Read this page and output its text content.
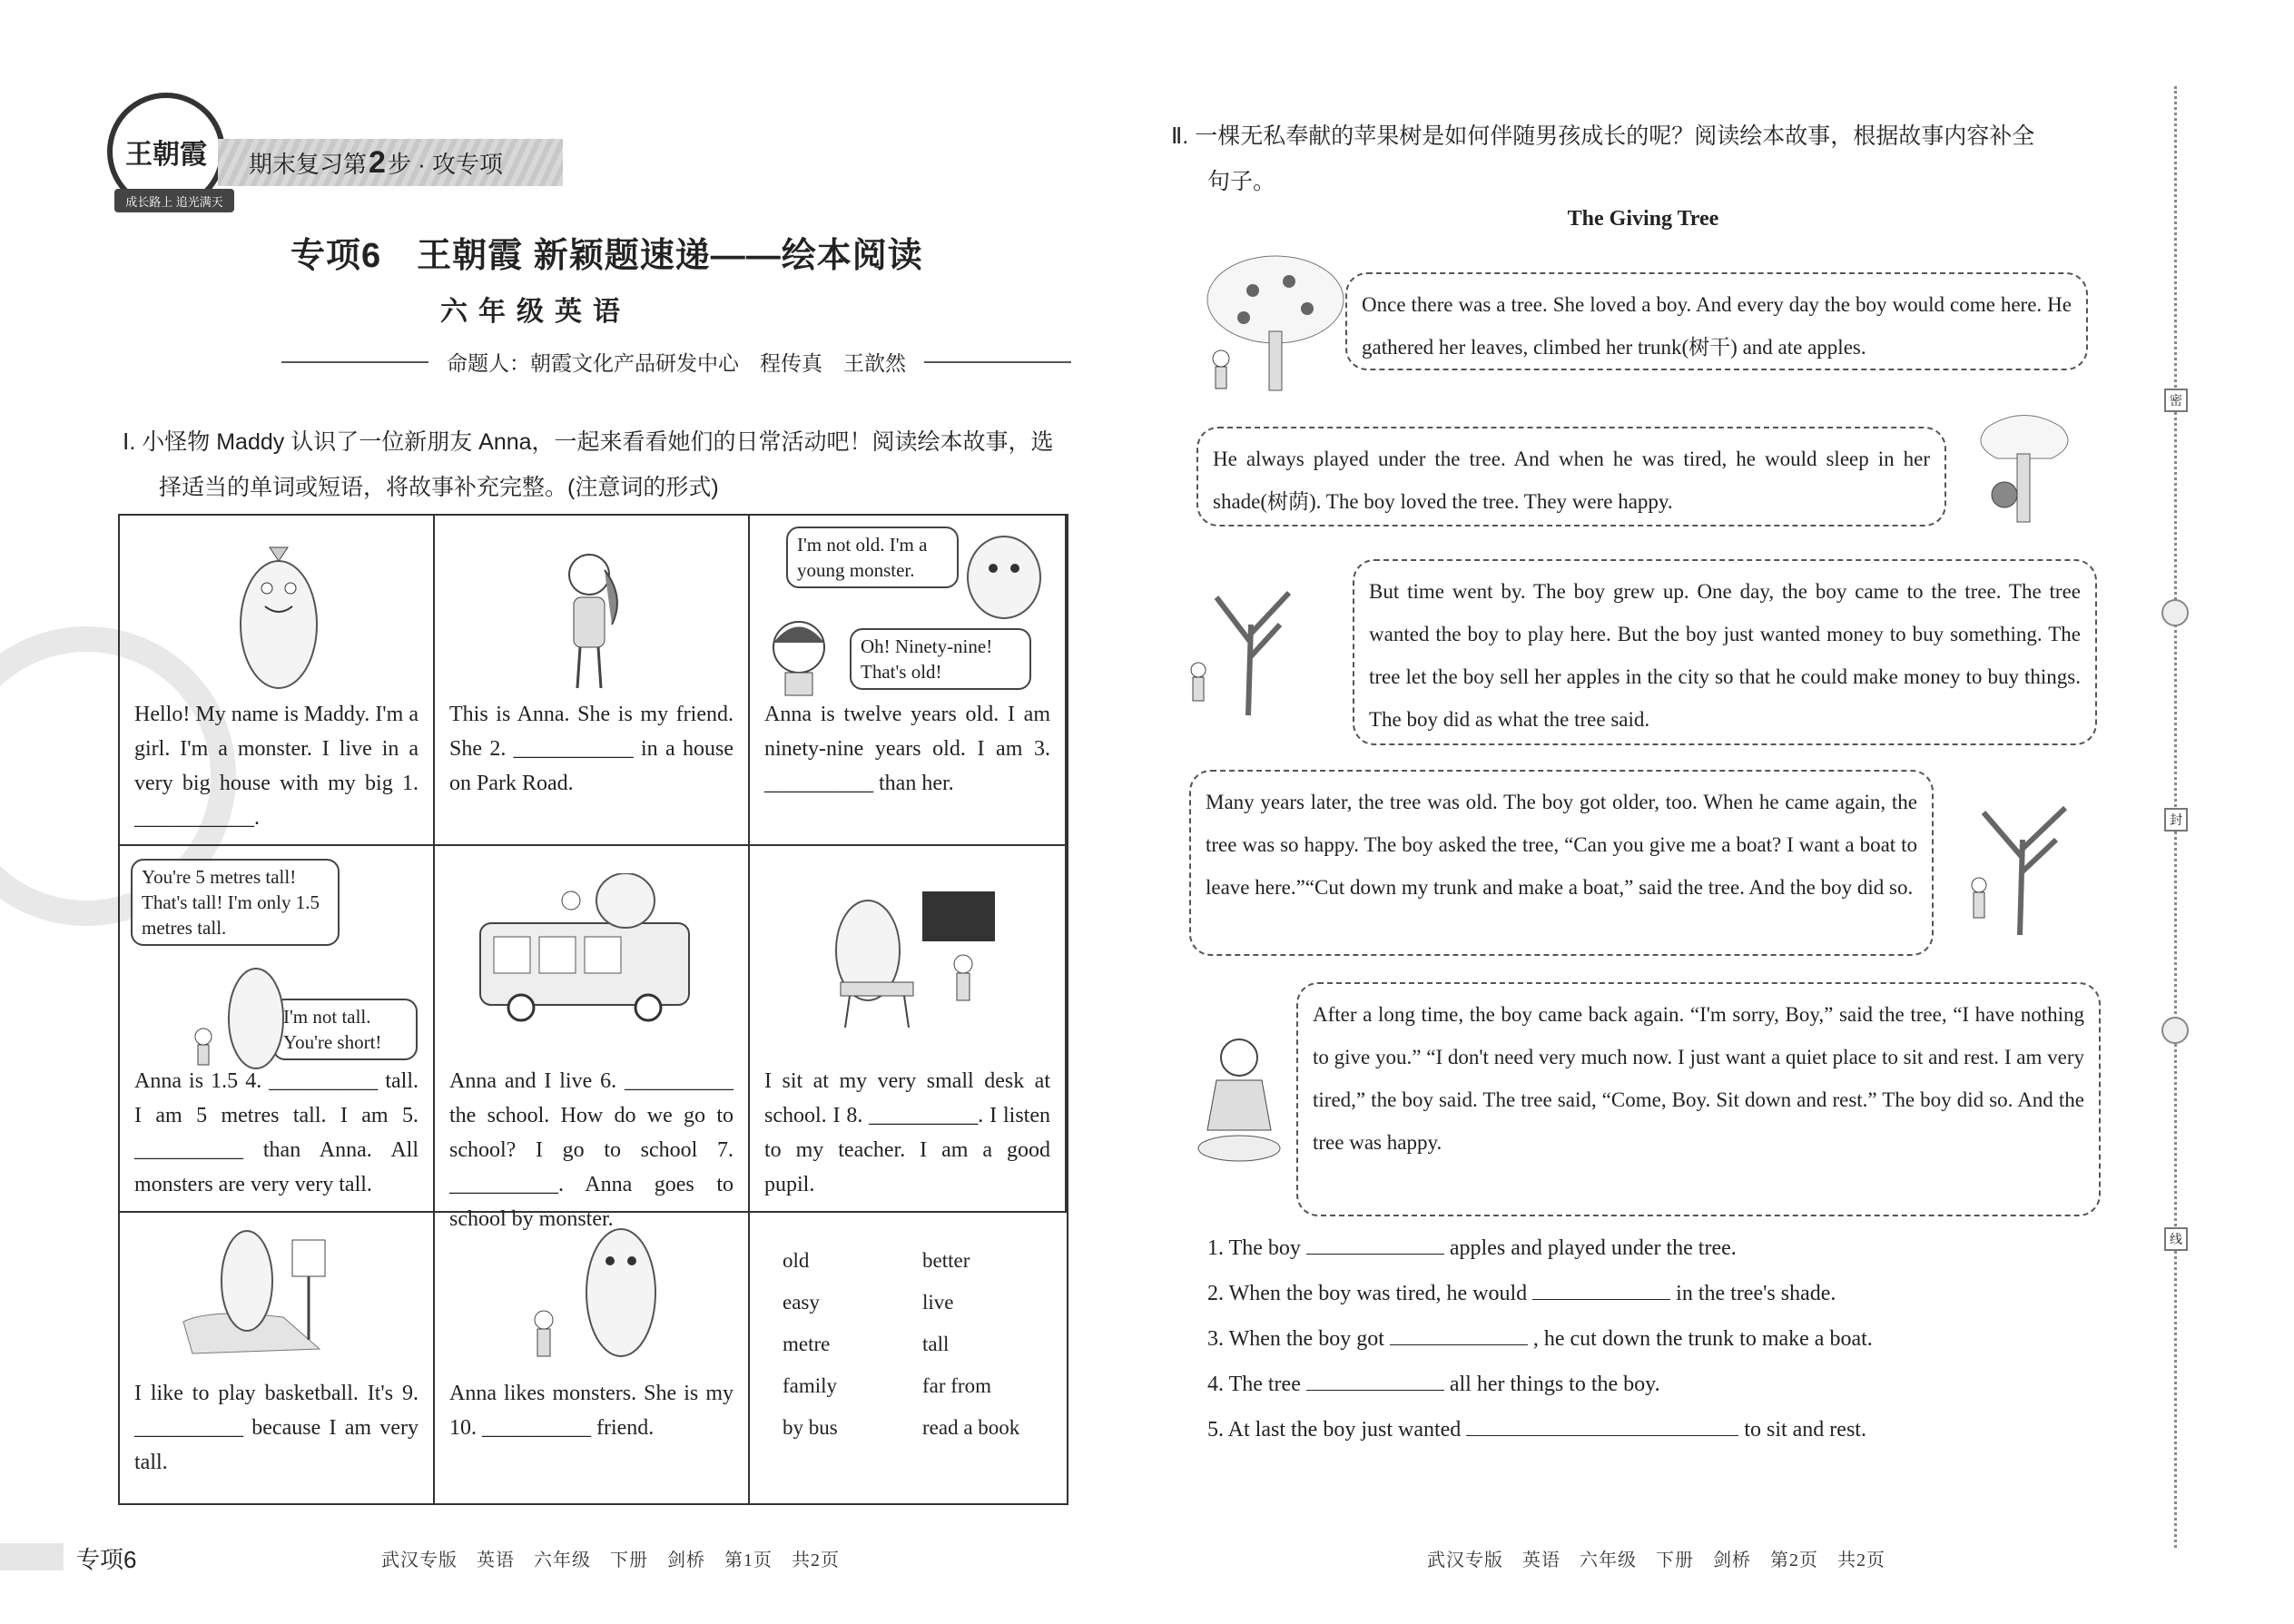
王朝霞
成长路上 追光满天
期末复习第 2 步 · 攻专项
专项6　王朝霞 新颖题速递——绘本阅读
六年级英语
命题人：朝霞文化产品研发中心　程传真　王歆然
Ⅰ. 小怪物 Maddy 认识了一位新朋友 Anna，一起来看看她们的日常活动吧！阅读绘本故事，选
择适当的单词或短语，将故事补充完整。(注意词的形式)
Hello! My name is Maddy. I'm a girl. I'm a monster. I live in a very big house with my big 1. ___________.
This is Anna. She is my friend. She 2. ___________ in a house on Park Road.
I'm not old. I'm a young monster.
Oh! Ninety-nine! That's old!
Anna is twelve years old. I am ninety-nine years old. I am 3. __________ than her.
You're 5 metres tall! That's tall! I'm only 1.5 metres tall.
I'm not tall. You're short!
Anna is 1.5 4. __________ tall. I am 5 metres tall. I am 5. __________ than Anna. All monsters are very very tall.
Anna and I live 6. __________ the school. How do we go to school? I go to school 7. __________. Anna goes to school by monster.
I sit at my very small desk at school. I 8. __________. I listen to my teacher. I am a good pupil.
I like to play basketball. It's 9. __________ because I am very tall.
Anna likes monsters. She is my 10. __________ friend.
old	better
easy	live
metre	tall
family	far from
by bus	read a book
专项6	武汉专版　英语　六年级　下册　剑桥　第1页　共2页
Ⅱ. 一棵无私奉献的苹果树是如何伴随男孩成长的呢？阅读绘本故事，根据故事内容补全
句子。
The Giving Tree
Once there was a tree. She loved a boy. And every day the boy would come here. He gathered her leaves, climbed her trunk(树干) and ate apples.
He always played under the tree. And when he was tired, he would sleep in her shade(树荫). The boy loved the tree. They were happy.
But time went by. The boy grew up. One day, the boy came to the tree. The tree wanted the boy to play here. But the boy just wanted money to buy something. The tree let the boy sell her apples in the city so that he could make money to buy things. The boy did as what the tree said.
Many years later, the tree was old. The boy got older, too. When he came again, the tree was so happy. The boy asked the tree, “Can you give me a boat? I want a boat to leave here.”“Cut down my trunk and make a boat,” said the tree. And the boy did so.
After a long time, the boy came back again. “I'm sorry, Boy,” said the tree, “I have nothing to give you.” “I don't need very much now. I just want a quiet place to sit and rest. I am very tired,” the boy said. The tree said, “Come, Boy. Sit down and rest.” The boy did so. And the tree was happy.
1. The boy	apples and played under the tree.
2. When the boy was tired, he would	in the tree's shade.
3. When the boy got	, he cut down the trunk to make a boat.
4. The tree	all her things to the boy.
5. At last the boy just wanted	to sit and rest.
武汉专版　英语　六年级　下册　剑桥　第2页　共2页
密
封
线
